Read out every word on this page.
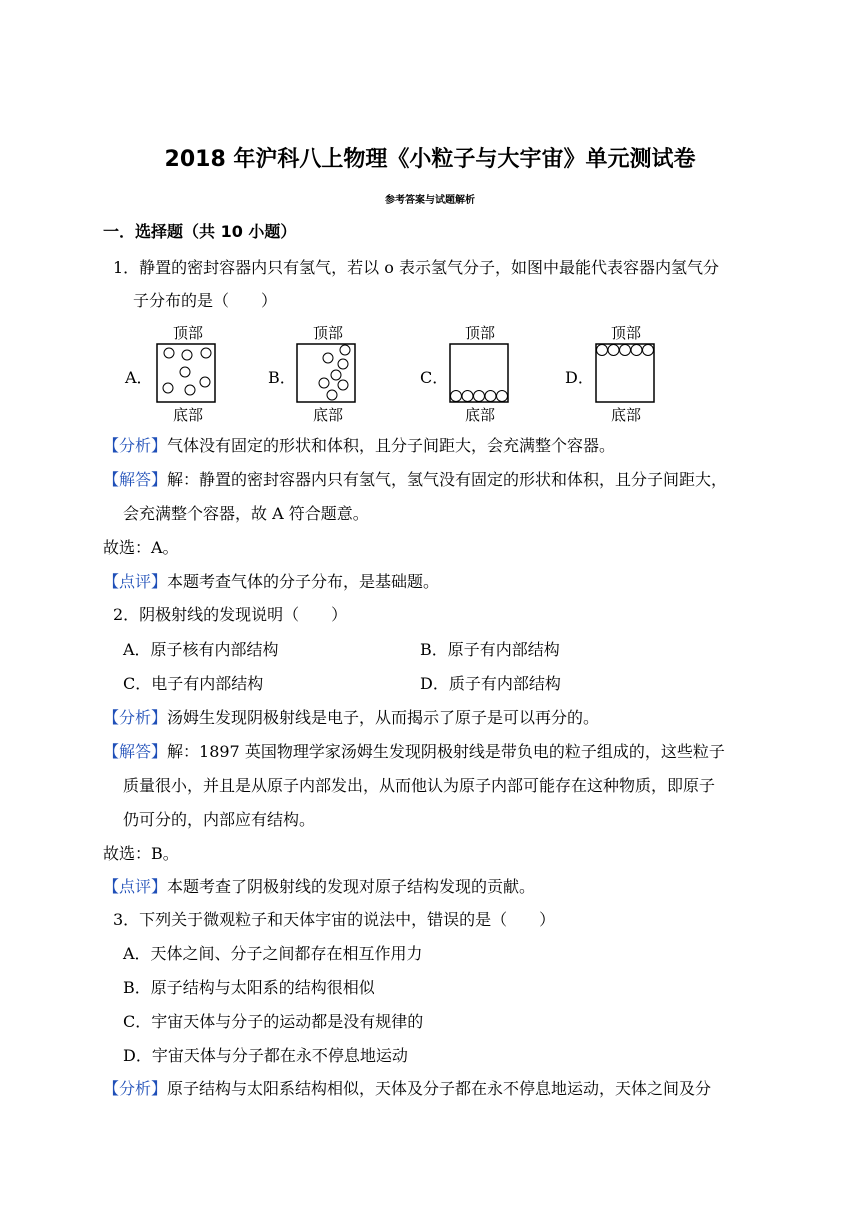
2018 年沪科八上物理《小粒子与大宇宙》单元测试卷
参考答案与试题解析
一．选择题（共 10 小题）
1．静置的密封容器内只有氢气，若以 o 表示氢气分子，如图中最能代表容器内氢气分
子分布的是（　　）
A．
顶部
底部
B．
顶部
底部
C．
顶部
底部
D．
顶部
底部
【分析】气体没有固定的形状和体积，且分子间距大，会充满整个容器。
【解答】解：静置的密封容器内只有氢气，氢气没有固定的形状和体积，且分子间距大，
会充满整个容器，故 A 符合题意。
故选：A。
【点评】本题考查气体的分子分布，是基础题。
2．阴极射线的发现说明（　　）
A．原子核有内部结构	B．原子有内部结构
C．电子有内部结构	D．质子有内部结构
【分析】汤姆生发现阴极射线是电子，从而揭示了原子是可以再分的。
【解答】解：1897 英国物理学家汤姆生发现阴极射线是带负电的粒子组成的，这些粒子
质量很小，并且是从原子内部发出，从而他认为原子内部可能存在这种物质，即原子
仍可分的，内部应有结构。
故选：B。
【点评】本题考查了阴极射线的发现对原子结构发现的贡献。
3．下列关于微观粒子和天体宇宙的说法中，错误的是（　　）
A．天体之间、分子之间都存在相互作用力
B．原子结构与太阳系的结构很相似
C．宇宙天体与分子的运动都是没有规律的
D．宇宙天体与分子都在永不停息地运动
【分析】原子结构与太阳系结构相似，天体及分子都在永不停息地运动，天体之间及分
